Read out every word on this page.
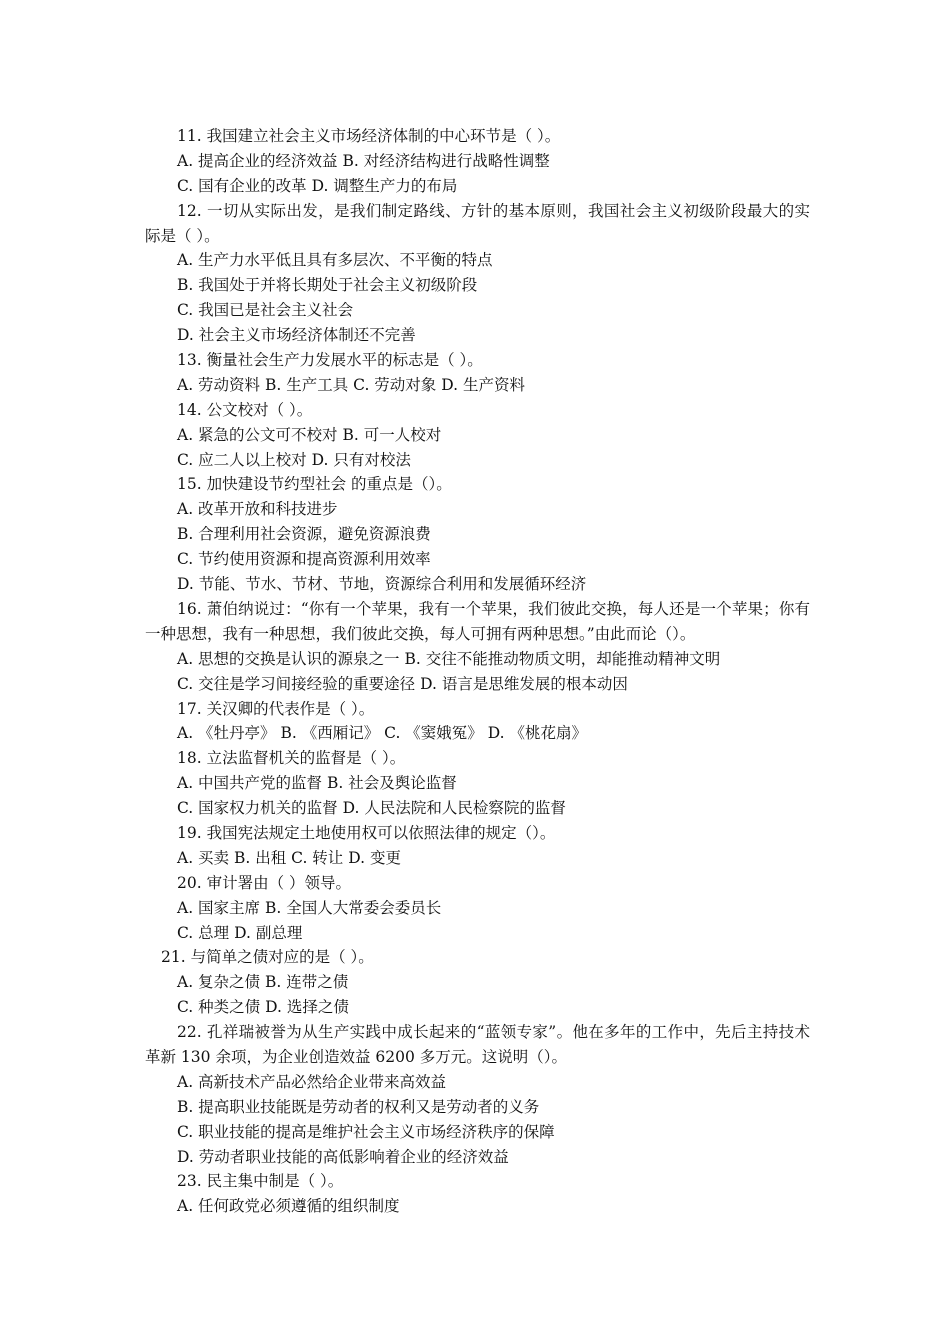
11. 我国建立社会主义市场经济体制的中心环节是（ ）。
A. 提高企业的经济效益 B. 对经济结构进行战略性调整
C. 国有企业的改革 D. 调整生产力的布局
12. 一切从实际出发，是我们制定路线、方针的基本原则，我国社会主义初级阶段最大的实际是（ ）。
A. 生产力水平低且具有多层次、不平衡的特点
B. 我国处于并将长期处于社会主义初级阶段
C. 我国已是社会主义社会
D. 社会主义市场经济体制还不完善
13. 衡量社会生产力发展水平的标志是（ ）。
A. 劳动资料 B. 生产工具 C. 劳动对象 D. 生产资料
14. 公文校对（ ）。
A. 紧急的公文可不校对 B. 可一人校对
C. 应二人以上校对 D. 只有对校法
15. 加快建设节约型社会 的重点是（）。
A. 改革开放和科技进步
B. 合理利用社会资源，避免资源浪费
C. 节约使用资源和提高资源利用效率
D. 节能、节水、节材、节地，资源综合利用和发展循环经济
16. 萧伯纳说过：“你有一个苹果，我有一个苹果，我们彼此交换，每人还是一个苹果；你有一种思想，我有一种思想，我们彼此交换，每人可拥有两种思想。”由此而论（）。
A. 思想的交换是认识的源泉之一 B. 交往不能推动物质文明，却能推动精神文明
C. 交往是学习间接经验的重要途径 D. 语言是思维发展的根本动因
17. 关汉卿的代表作是（ ）。
A. 《牡丹亭》 B. 《西厢记》 C. 《窦娥冤》 D. 《桃花扇》
18. 立法监督机关的监督是（ ）。
A. 中国共产党的监督 B. 社会及舆论监督
C. 国家权力机关的监督 D. 人民法院和人民检察院的监督
19. 我国宪法规定土地使用权可以依照法律的规定（）。
A. 买卖 B. 出租 C. 转让 D. 变更
20. 审计署由（ ）领导。
A. 国家主席 B. 全国人大常委会委员长
C. 总理 D. 副总理
21. 与简单之债对应的是（ ）。
A. 复杂之债 B. 连带之债
C. 种类之债 D. 选择之债
22. 孔祥瑞被誉为从生产实践中成长起来的“蓝领专家”。他在多年的工作中，先后主持技术革新 130 余项，为企业创造效益 6200 多万元。这说明（）。
A. 高新技术产品必然给企业带来高效益
B. 提高职业技能既是劳动者的权利又是劳动者的义务
C. 职业技能的提高是维护社会主义市场经济秩序的保障
D. 劳动者职业技能的高低影响着企业的经济效益
23. 民主集中制是（ ）。
A. 任何政党必须遵循的组织制度
